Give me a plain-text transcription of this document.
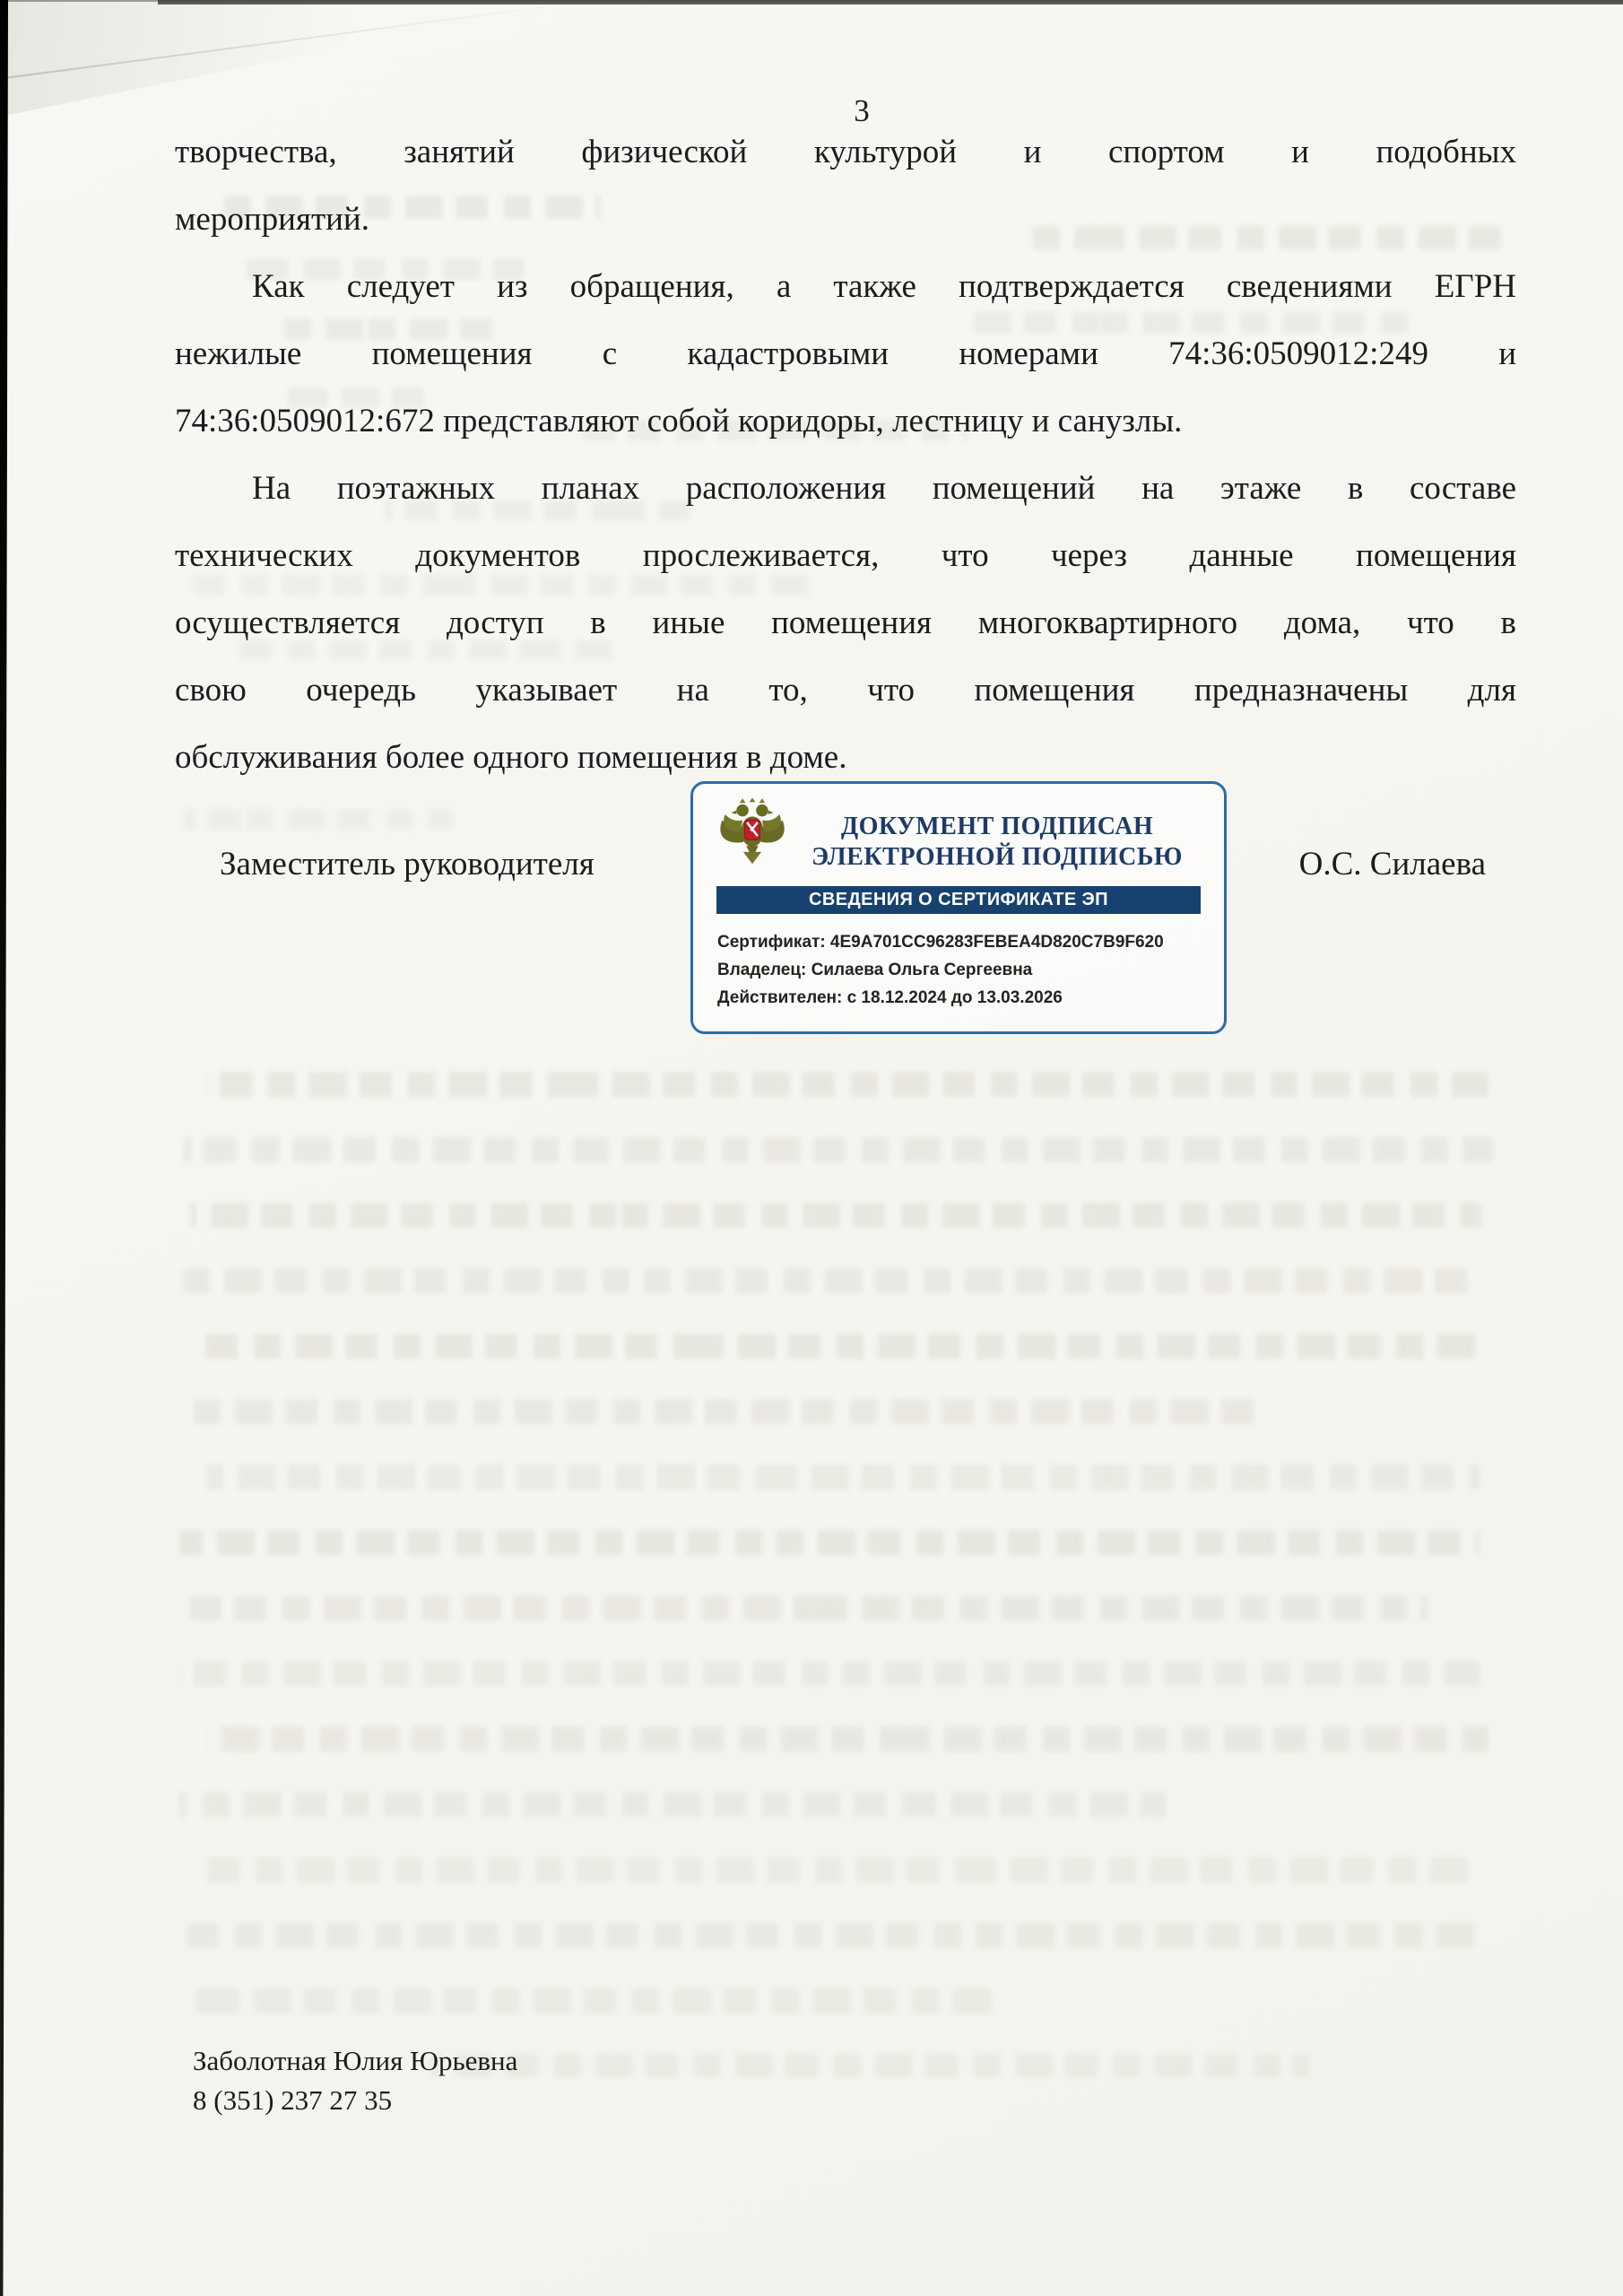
3
творчества, занятий физической культурой и спортом и подобных
мероприятий.
Как следует из обращения, а также подтверждается сведениями ЕГРН
нежилые помещения с кадастровыми номерами 74:36:0509012:249 и
74:36:0509012:672 представляют собой коридоры, лестницу и санузлы.
На поэтажных планах расположения помещений на этаже в составе
технических документов прослеживается, что через данные помещения
осуществляется доступ в иные помещения многоквартирного дома, что в
свою очередь указывает на то, что помещения предназначены для
обслуживания более одного помещения в доме.
Заместитель руководителя	О.С. Силаева
ДОКУМЕНТ ПОДПИСАН
ЭЛЕКТРОННОЙ ПОДПИСЬЮ
СВЕДЕНИЯ О СЕРТИФИКАТЕ ЭП
Сертификат: 4E9A701CC96283FEBEA4D820C7B9F620
Владелец: Силаева Ольга Сергеевна
Действителен: с 18.12.2024 до 13.03.2026
Заболотная Юлия Юрьевна
8 (351) 237 27 35
